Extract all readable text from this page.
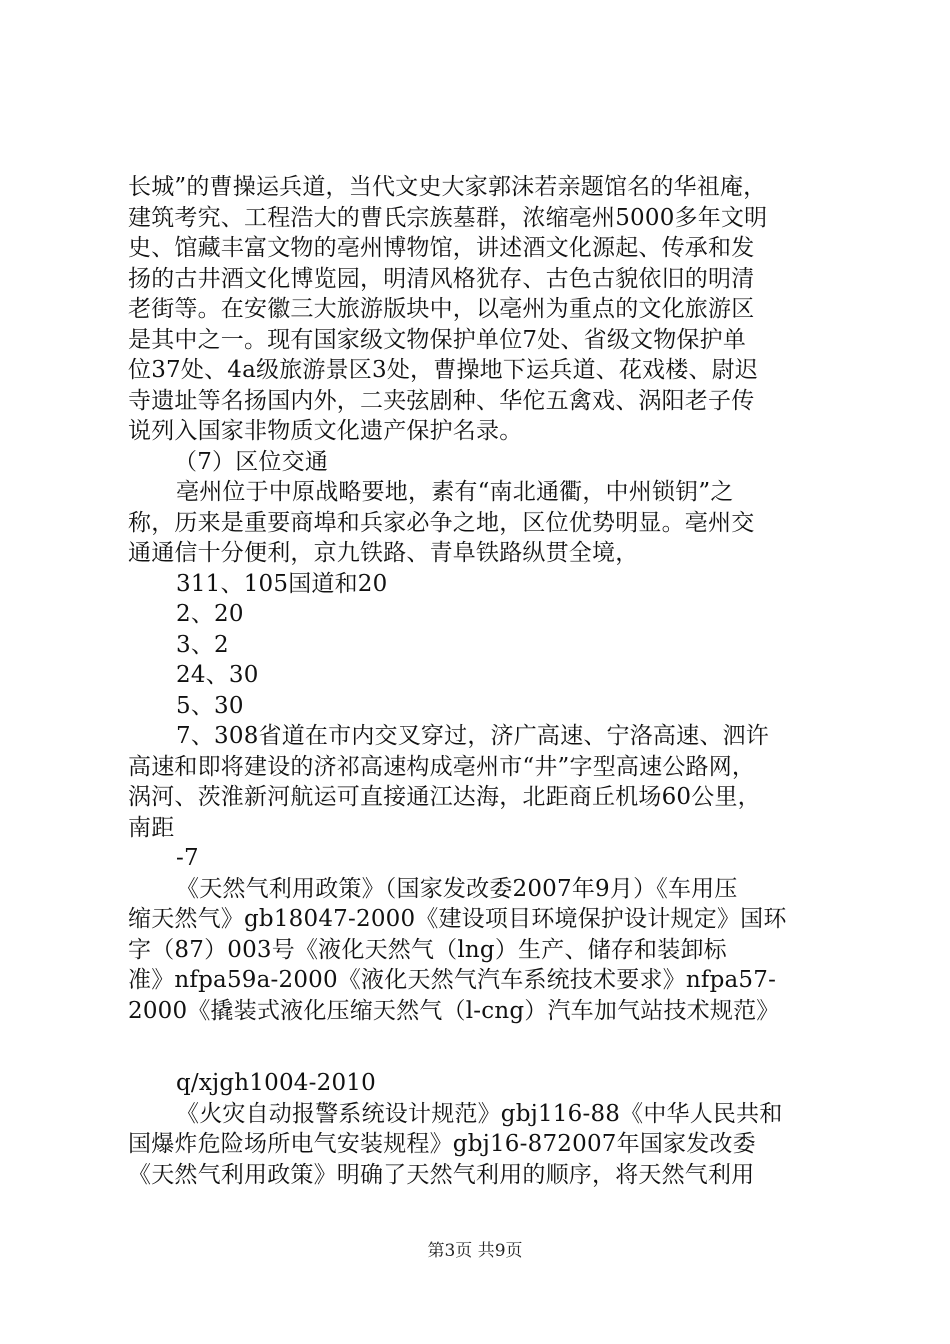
长城”的曹操运兵道，当代文史大家郭沫若亲题馆名的华祖庵，
建筑考究、工程浩大的曹氏宗族墓群，浓缩亳州5000多年文明
史、馆藏丰富文物的亳州博物馆，讲述酒文化源起、传承和发
扬的古井酒文化博览园，明清风格犹存、古色古貌依旧的明清
老街等。在安徽三大旅游版块中，以亳州为重点的文化旅游区
是其中之一。现有国家级文物保护单位7处、省级文物保护单
位37处、4a级旅游景区3处，曹操地下运兵道、花戏楼、尉迟
寺遗址等名扬国内外，二夹弦剧种、华佗五禽戏、涡阳老子传
说列入国家非物质文化遗产保护名录。
（7）区位交通
亳州位于中原战略要地，素有“南北通衢，中州锁钥”之
称，历来是重要商埠和兵家必争之地，区位优势明显。亳州交
通通信十分便利，京九铁路、青阜铁路纵贯全境，
311、105国道和20
2、20
3、2
24、30
5、30
7、308省道在市内交叉穿过，济广高速、宁洛高速、泗许
高速和即将建设的济祁高速构成亳州市“井”字型高速公路网，
涡河、茨淮新河航运可直接通江达海，北距商丘机场60公里，
南距
-7
《天然气利用政策》（国家发改委2007年9月）《车用压
缩天然气》gb18047-2000《建设项目环境保护设计规定》国环
字（87）003号《液化天然气（lng）生产、储存和装卸标
准》nfpa59a-2000《液化天然气汽车系统技术要求》nfpa57-
2000《撬装式液化压缩天然气（l-cng）汽车加气站技术规范》
q/xjgh1004-2010
《火灾自动报警系统设计规范》gbj116-88《中华人民共和
国爆炸危险场所电气安装规程》gbj16-872007年国家发改委
《天然气利用政策》明确了天然气利用的顺序，将天然气利用
第3页 共9页
